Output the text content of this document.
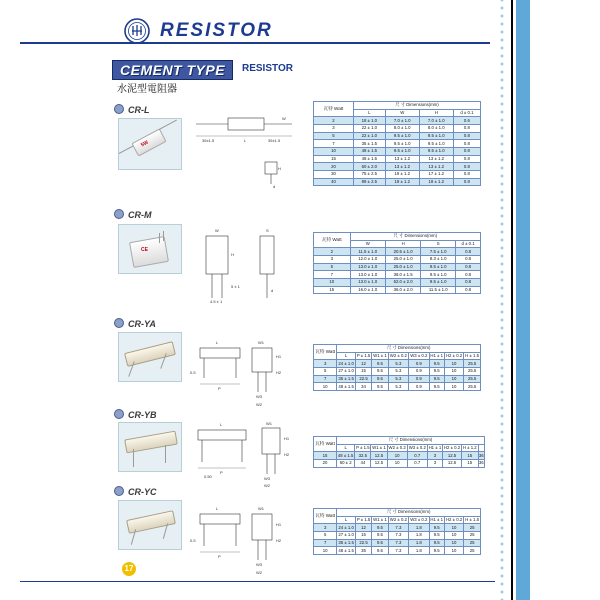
RESISTOR
17
CEMENT TYPE	RESISTOR
水泥型電阻器
CR-L
5W	35±1.5	L	35±1.5
W
H
d
瓦特 Watt	尺 寸 Dimensions(mm)			
	L	W	H	d ± 0.1
2	18 ± 1.0	7.0 ± 1.0	7.0 ± 1.0	0.6
3	22 ± 1.0	8.0 ± 1.0	8.0 ± 1.0	0.8
5	22 ± 1.0	9.5 ± 1.0	9.5 ± 1.0	0.8
7	35 ± 1.5	9.5 ± 1.0	9.5 ± 1.0	0.8
10	48 ± 1.5	9.5 ± 1.0	9.5 ± 1.0	0.8
15	48 ± 1.5	13 ± 1.2	13 ± 1.2	0.8
20	60 ± 2.0	13 ± 1.2	13 ± 1.2	0.8
30	75 ± 2.5	19 ± 1.2	17 ± 1.2	0.8
40	89 ± 2.5	19 ± 1.2	19 ± 1.2	0.8
CR-M
CE
W	S
H
5 ± 1
4.5 ± 1
d
瓦特 Watt	尺 寸 Dimensions(mm)			
	W	H	S	d ± 0.1
2	11.5 ± 1.0	20.5 ± 1.0	7.5 ± 1.0	0.8
3	12.0 ± 1.0	25.0 ± 1.0	8.3 ± 1.0	0.8
5	13.0 ± 1.0	25.0 ± 1.0	9.5 ± 1.0	0.8
7	13.0 ± 1.0	38.0 ± 1.5	9.5 ± 1.0	0.8
10	13.0 ± 1.0	52.0 ± 2.0	9.5 ± 1.0	0.8
15	16.0 ± 1.0	36.0 ± 2.0	11.5 ± 1.0	0.8
CR-YA
L	W1
H1
H2
0.5
P
W3
W2
瓦特 Watt	尺 寸 Dimensions(mm)							
	L	P ± 1.5	W1 ± 1	W2 ± 0.2	W3 ± 0.2	H1 ± 1	H2 ± 0.2	H ± 1.5
3	24 ± 1.0	12	9.5	5.3	0.9	9.5	10	25.5
5	27 ± 1.0	15	9.5	5.3	0.9	9.5	10	25.5
7	35 ± 1.5	22.5	9.5	5.3	0.9	9.5	10	25.5
10	48 ± 1.5	34	9.5	5.3	0.9	9.5	10	25.5
CR-YB
L	W1
H1
H2
0.50
P
W3
W2
瓦特 Watt	尺 寸 Dimensions(mm)								
	L	P ± 1.5	W1 ± 1	W2 ± 0.2	W3 ± 0.2	H1 ± 1	H2 ± 0.2	H ± 1.2	
15	48 ± 1.5	32.5	12.5	10	0.7	3	12.5	15	36
20	60 ± 2	44	12.5	10	0.7	3	12.5	15	36
CR-YC
L	W1
H1
H2
0.5
P
W3
W2
瓦特 Watt	尺 寸 Dimensions(mm)							
	L	P ± 1.5	W1 ± 1	W2 ± 0.2	W3 ± 0.2	H1 ± 1	H2 ± 0.2	H ± 1.5
3	24 ± 1.0	12	9.5	7.3	1.8	9.5	10	25
5	27 ± 1.0	15	9.5	7.3	1.8	9.5	10	25
7	35 ± 1.5	22.5	9.5	7.3	1.8	9.5	10	25
10	48 ± 1.5	35	9.5	7.3	1.8	9.5	10	25
